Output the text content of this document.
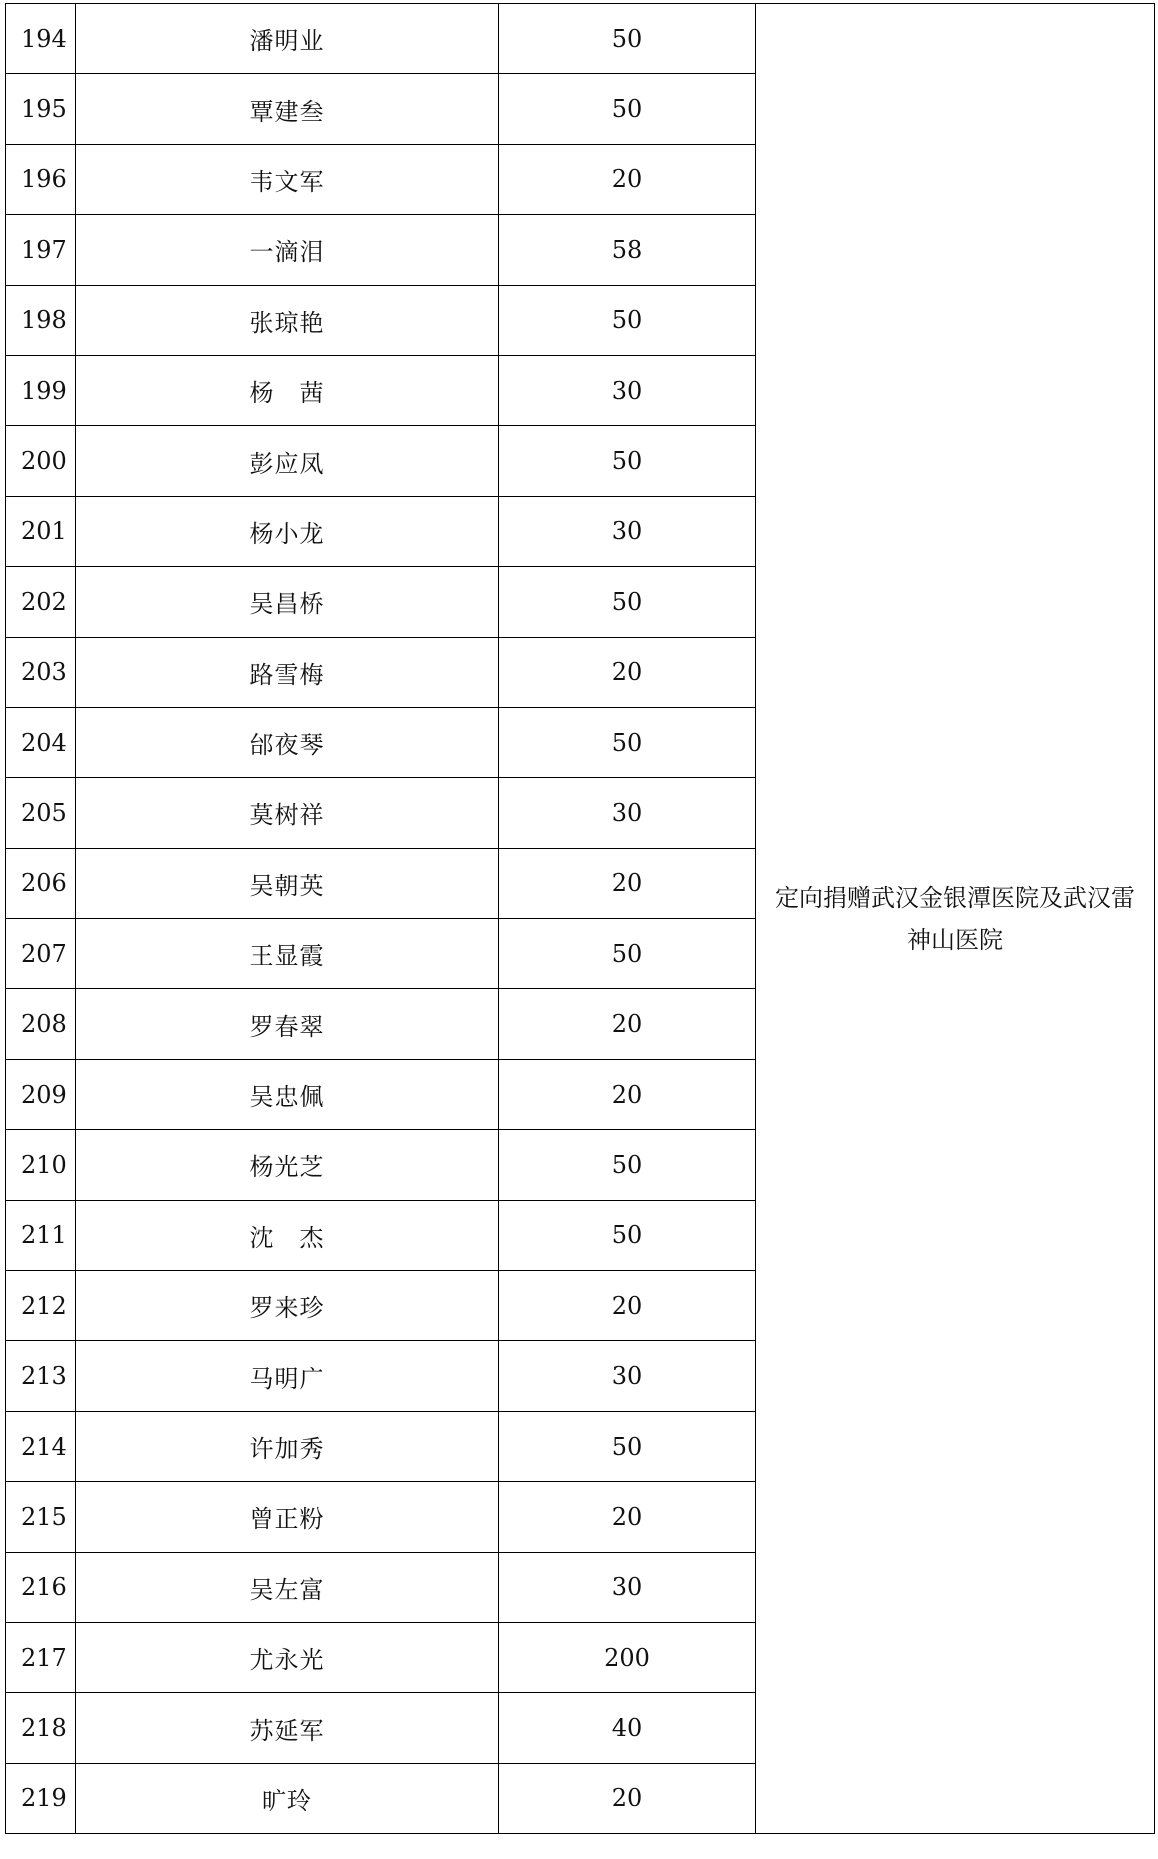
194	潘明业	50	定向捐赠武汉金银潭医院及武汉雷神山医院
195	覃建叁	50	
196	韦文军	20	
197	一滴泪	58	
198	张琼艳	50	
199	杨　茜	30	
200	彭应凤	50	
201	杨小龙	30	
202	吴昌桥	50	
203	路雪梅	20	
204	邰夜琴	50	
205	莫树祥	30	
206	吴朝英	20	
207	王显霞	50	
208	罗春翠	20	
209	吴忠佩	20	
210	杨光芝	50	
211	沈　杰	50	
212	罗来珍	20	
213	马明广	30	
214	许加秀	50	
215	曾正粉	20	
216	吴左富	30	
217	尤永光	200	
218	苏延军	40	
219	旷玲	20	
